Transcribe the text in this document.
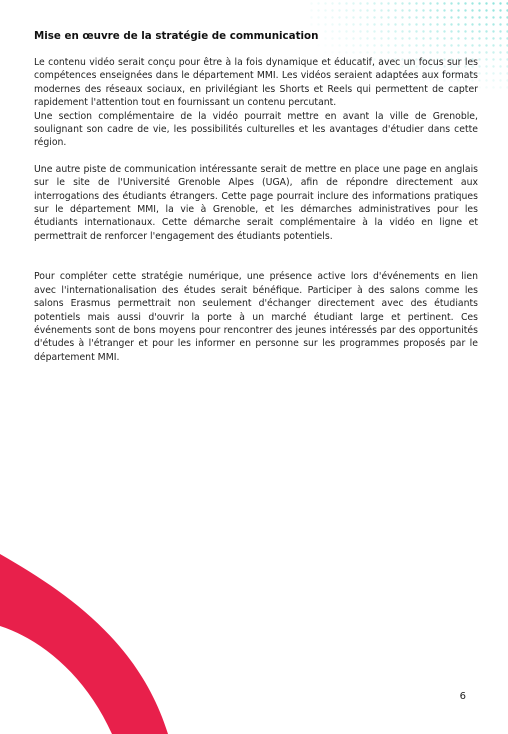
Mise en œuvre de la stratégie de communication

Le contenu vidéo serait conçu pour être à la fois dynamique et éducatif, avec un focus sur les compétences enseignées dans le département MMI. Les vidéos seraient adaptées aux formats modernes des réseaux sociaux, en privilégiant les Shorts et Reels qui permettent de capter rapidement l'attention tout en fournissant un contenu percutant.

Une section complémentaire de la vidéo pourrait mettre en avant la ville de Grenoble, soulignant son cadre de vie, les possibilités culturelles et les avantages d'étudier dans cette région.

Une autre piste de communication intéressante serait de mettre en place une page en anglais sur le site de l'Université Grenoble Alpes (UGA), afin de répondre directement aux interrogations des étudiants étrangers. Cette page pourrait inclure des informations pratiques sur le département MMI, la vie à Grenoble, et les démarches administratives pour les étudiants internationaux. Cette démarche serait complémentaire à la vidéo en ligne et permettrait de renforcer l'engagement des étudiants potentiels.

Pour compléter cette stratégie numérique, une présence active lors d'événements en lien avec l'internationalisation des études serait bénéfique. Participer à des salons comme les salons Erasmus permettrait non seulement d'échanger directement avec des étudiants potentiels mais aussi d'ouvrir la porte à un marché étudiant large et pertinent. Ces événements sont de bons moyens pour rencontrer des jeunes intéressés par des opportunités d'études à l'étranger et pour les informer en personne sur les programmes proposés par le département MMI.

6
